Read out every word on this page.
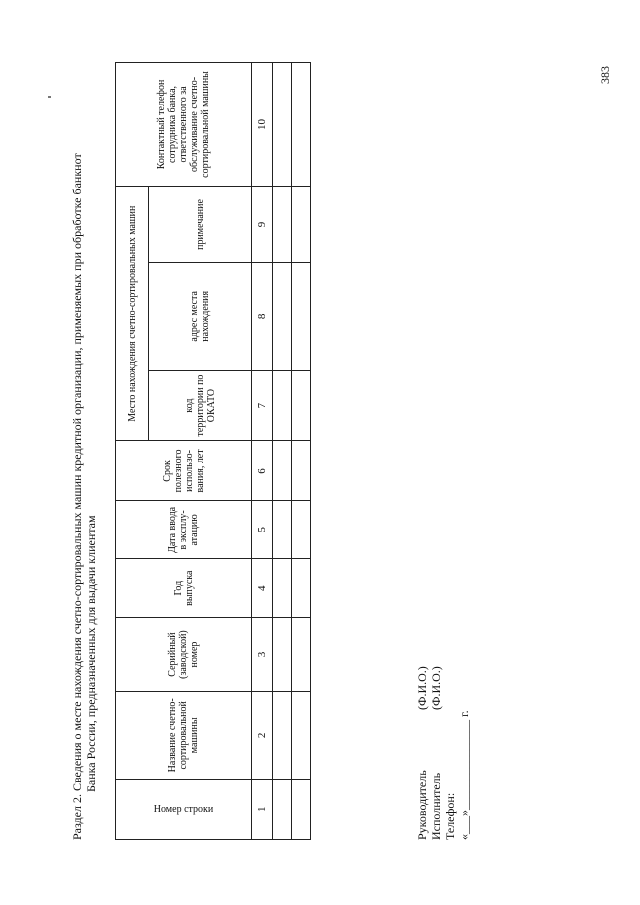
383
Раздел 2. Сведения о месте нахождения счетно-сортировальных машин кредитной организации, применяемых при обработке банкнот Банка России, предназначенных для выдачи клиентам
Номер строки	Название счетно-сортировальной машины	Серийный (заводской) номер	Год выпуска	Дата ввода в эксплу-атацию	Срок полезного использо-вания, лет	Место нахождения счетно-сортировальных машин			Контактный телефон сотрудника банка, ответственного за обслуживание счетно-сортировальной машины
						код территории по ОКАТО	адрес места нахождения	примечание	
1	2	3	4	5	6	7	8	9	10

Руководитель
(Ф.И.О.)
Исполнитель
(Ф.И.О.)
Телефон: «___»_______________ г.
